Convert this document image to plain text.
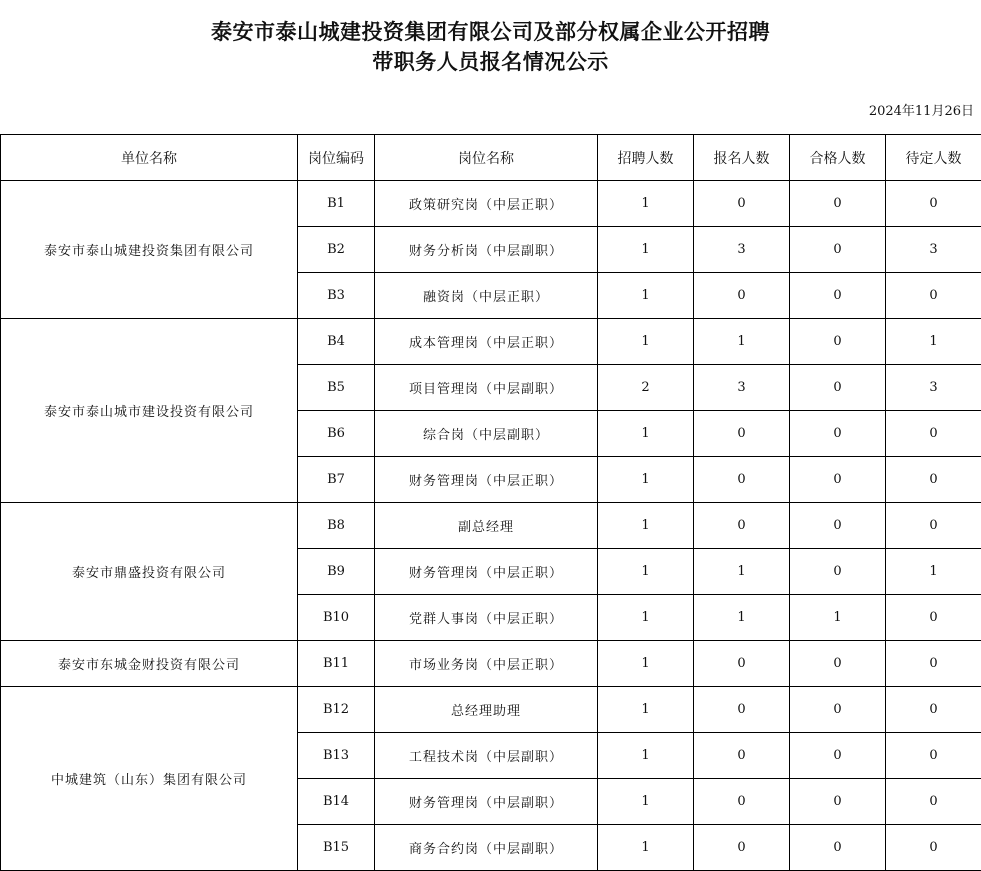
泰安市泰山城建投资集团有限公司及部分权属企业公开招聘
带职务人员报名情况公示
2024年11月26日
单位名称	岗位编码	岗位名称	招聘人数	报名人数	合格人数	待定人数
泰安市泰山城建投资集团有限公司	B1	政策研究岗（中层正职）	1	0	0	0
	B2	财务分析岗（中层副职）	1	3	0	3
	B3	融资岗（中层正职）	1	0	0	0
泰安市泰山城市建设投资有限公司	B4	成本管理岗（中层正职）	1	1	0	1
	B5	项目管理岗（中层副职）	2	3	0	3
	B6	综合岗（中层副职）	1	0	0	0
	B7	财务管理岗（中层正职）	1	0	0	0
泰安市鼎盛投资有限公司	B8	副总经理	1	0	0	0
	B9	财务管理岗（中层正职）	1	1	0	1
	B10	党群人事岗（中层正职）	1	1	1	0
泰安市东城金财投资有限公司	B11	市场业务岗（中层正职）	1	0	0	0
中城建筑（山东）集团有限公司	B12	总经理助理	1	0	0	0
	B13	工程技术岗（中层副职）	1	0	0	0
	B14	财务管理岗（中层副职）	1	0	0	0
	B15	商务合约岗（中层副职）	1	0	0	0
